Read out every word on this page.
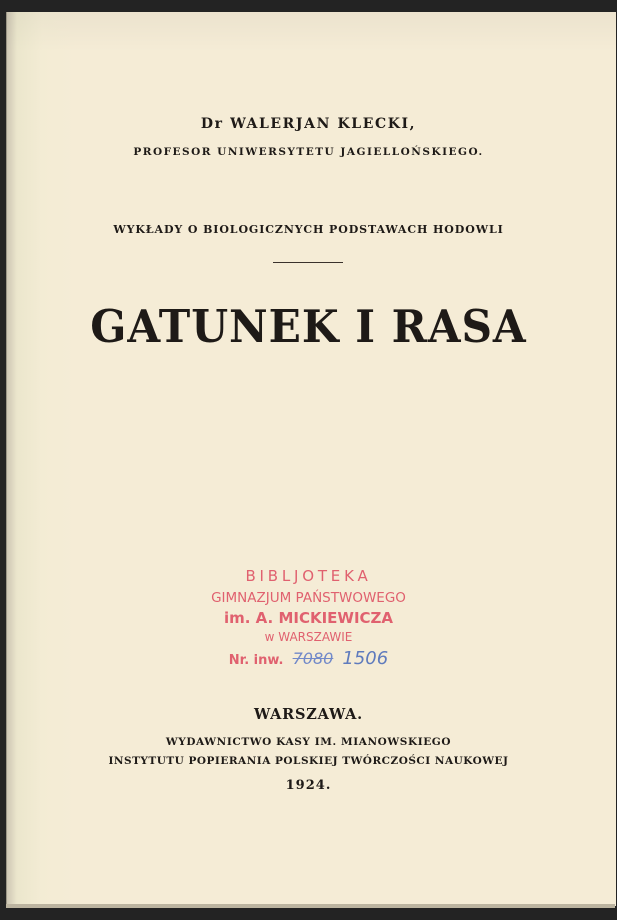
Dr WALERJAN KLECKI,
PROFESOR UNIWERSYTETU JAGIELLOŃSKIEGO.
WYKŁADY O BIOLOGICZNYCH PODSTAWACH HODOWLI
GATUNEK I RASA
BIBLJOTEKA
GIMNAZJUM PAŃSTWOWEGO
im. A. MICKIEWICZA
w WARSZAWIE
Nr. inw. 7080 1506
WARSZAWA.
WYDAWNICTWO KASY IM. MIANOWSKIEGO
INSTYTUTU POPIERANIA POLSKIEJ TWÓRCZOŚCI NAUKOWEJ
1924.
